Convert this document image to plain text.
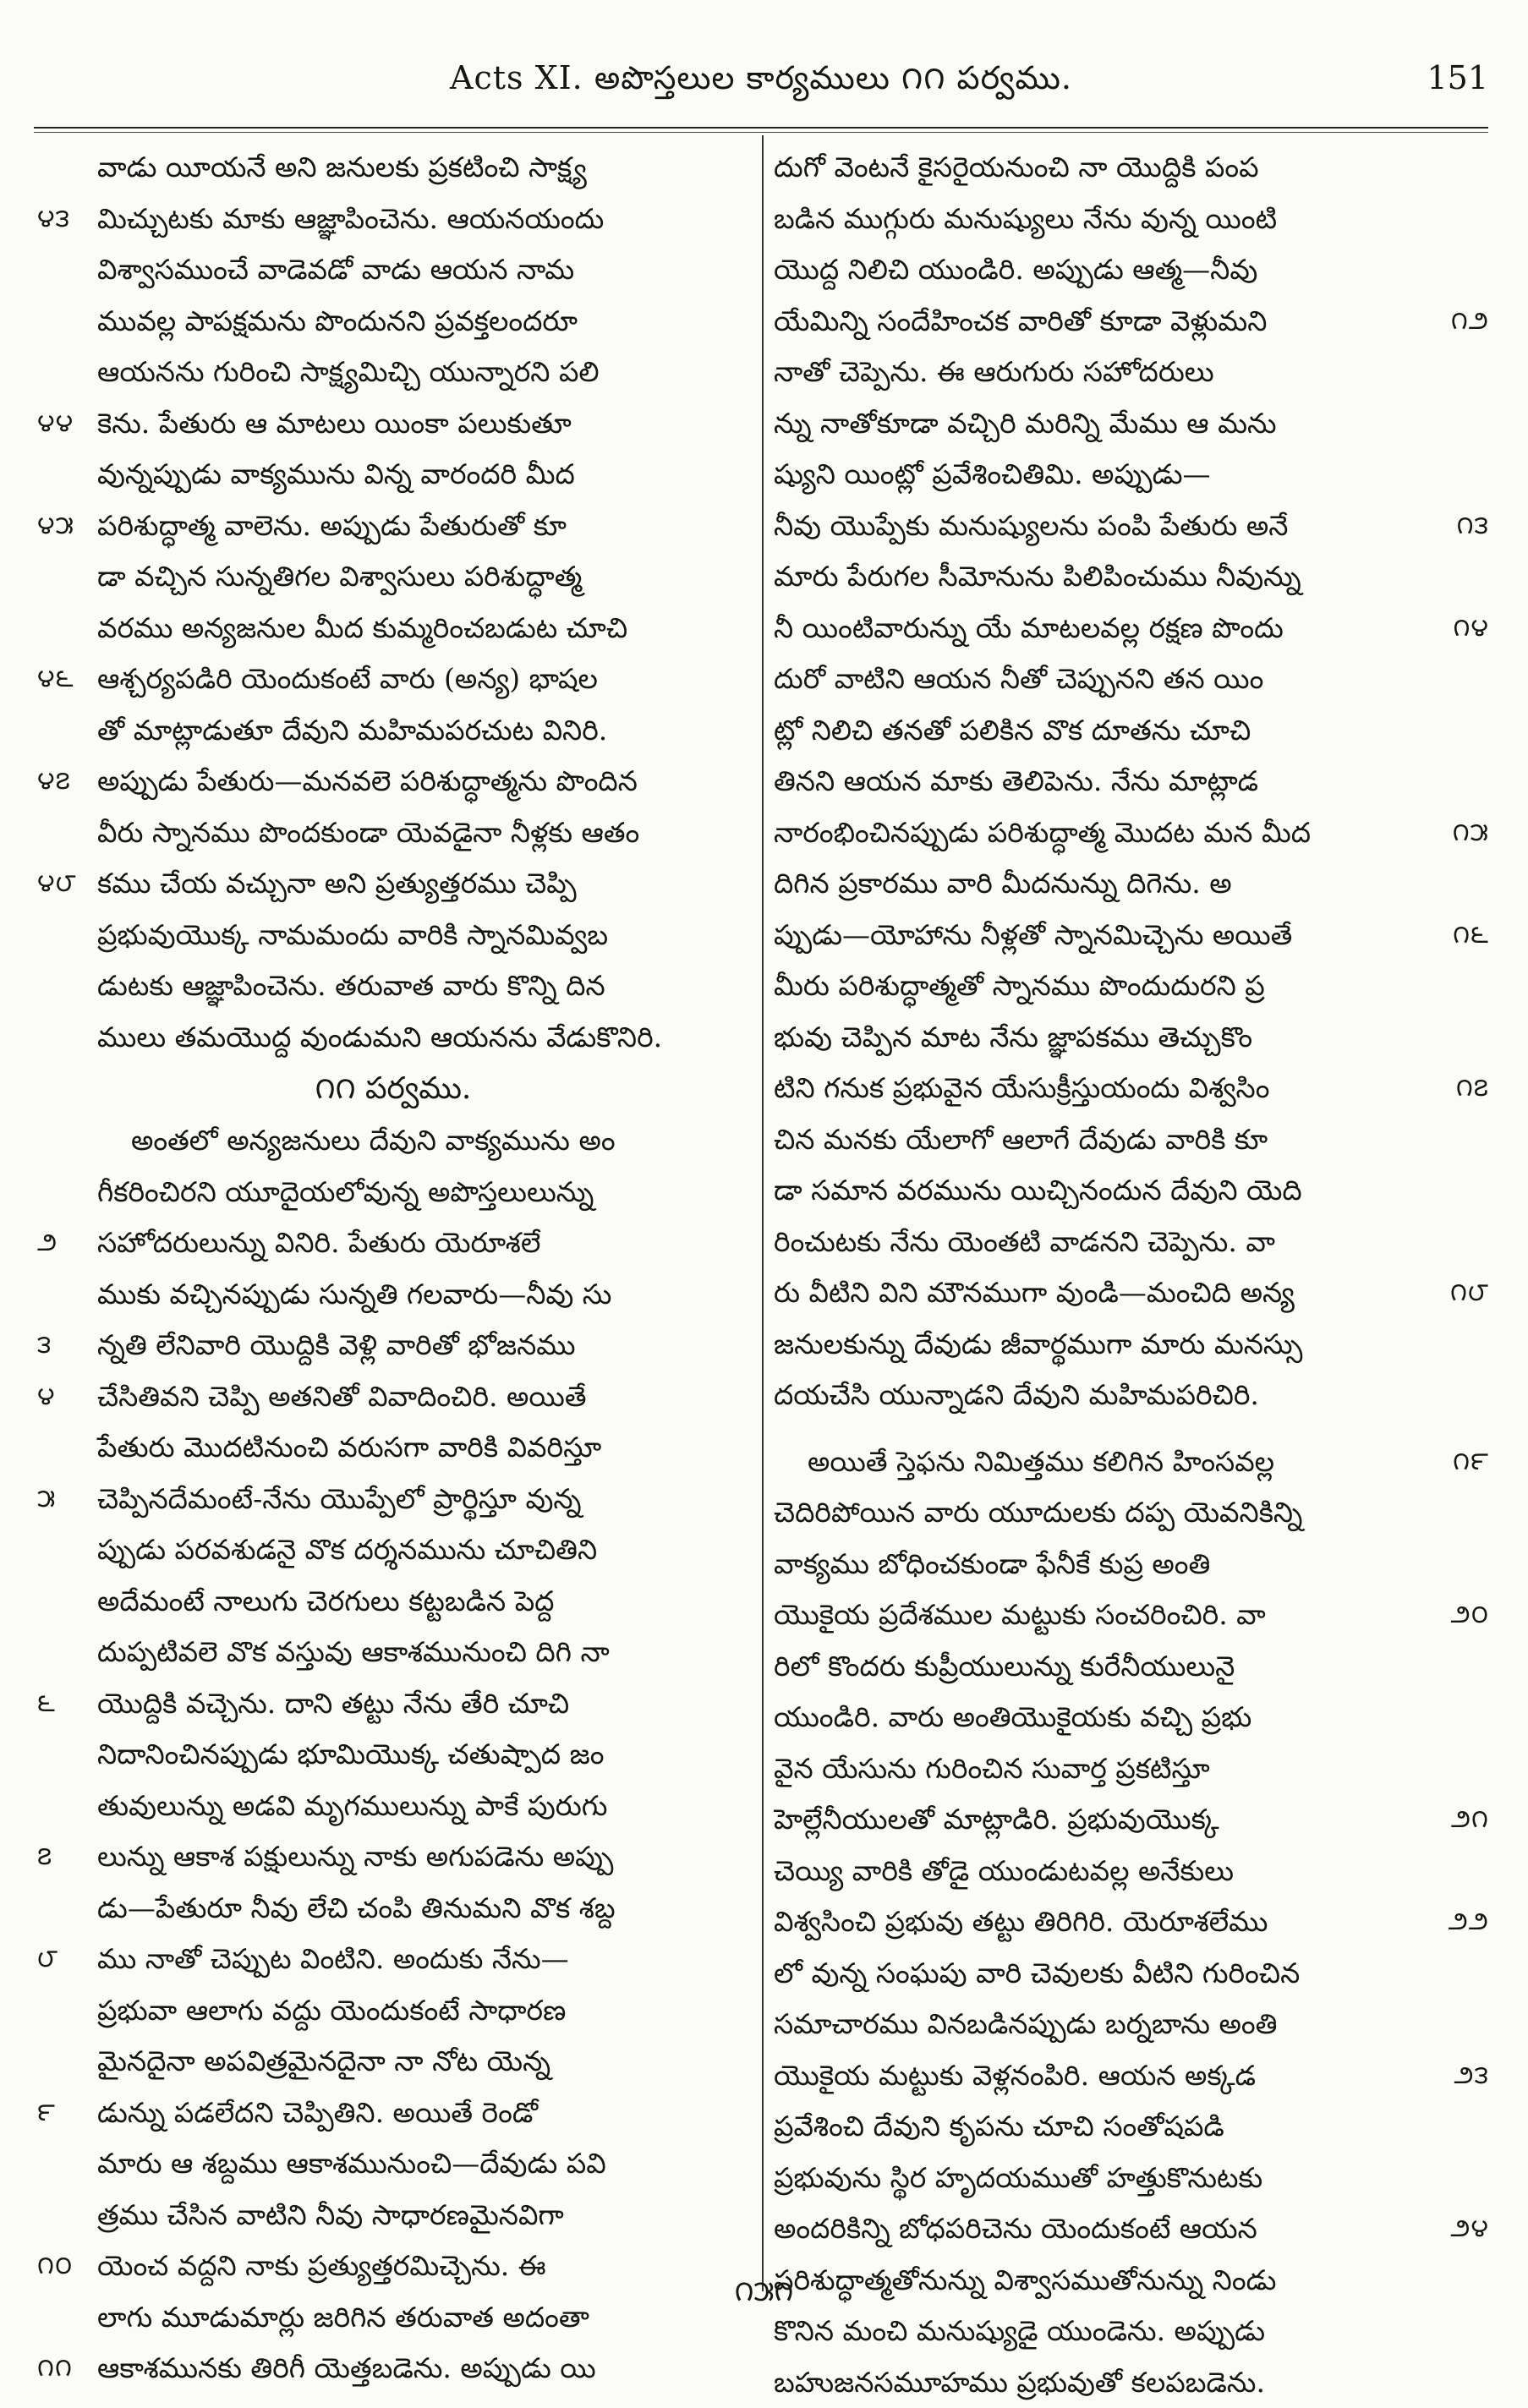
Acts XI. అపొస్తలుల కార్యములు ౧౧ పర్వము.	151
వాడు యీయనే అని జనులకు ప్రకటించి సాక్ష్య
౪౩ మిచ్చుటకు మాకు ఆజ్ఞాపించెను. ఆయనయందు
విశ్వాసముంచే వాడెవడో వాడు ఆయన నామ
మువల్ల పాపక్షమను పొందునని ప్రవక్తలందరూ
ఆయనను గురించి సాక్ష్యమిచ్చి యున్నారని పలి
౪౪ కెను. పేతురు ఆ మాటలు యింకా పలుకుతూ
వున్నప్పుడు వాక్యమును విన్న వారందరి మీద
౪౫ పరిశుద్ధాత్మ వాలెను. అప్పుడు పేతురుతో కూ
డా వచ్చిన సున్నతిగల విశ్వాసులు పరిశుద్ధాత్మ
వరము అన్యజనుల మీద కుమ్మరించబడుట చూచి
౪౬ ఆశ్చర్యపడిరి యెందుకంటే వారు (అన్య) భాషల
తో మాట్లాడుతూ దేవుని మహిమపరచుట వినిరి.
౪౭ అప్పుడు పేతురు—మనవలె పరిశుద్ధాత్మను పొందిన
వీరు స్నానము పొందకుండా యెవడైనా నీళ్లకు ఆతం
౪౮ కము చేయ వచ్చునా అని ప్రత్యుత్తరము చెప్పి
ప్రభువుయొక్క నామమందు వారికి స్నానమివ్వబ
డుటకు ఆజ్ఞాపించెను. తరువాత వారు కొన్ని దిన
ములు తమయొద్ద వుండుమని ఆయనను వేడుకొనిరి.
౧౧ పర్వము.
అంతలో అన్యజనులు దేవుని వాక్యమును అం
గీకరించిరని యూదైయలోవున్న అపొస్తలులున్ను
౨ సహోదరులున్ను వినిరి. పేతురు యెరూశలే
ముకు వచ్చినప్పుడు సున్నతి గలవారు—నీవు సు
౩ న్నతి లేనివారి యొద్దికి వెళ్లి వారితో భోజనము
౪ చేసితివని చెప్పి అతనితో వివాదించిరి. అయితే
పేతురు మొదటినుంచి వరుసగా వారికి వివరిస్తూ
౫ చెప్పినదేమంటే-నేను యొప్పేలో ప్రార్థిస్తూ వున్న
ప్పుడు పరవశుడనై వొక దర్శనమును చూచితిని
అదేమంటే నాలుగు చెరగులు కట్టబడిన పెద్ద
దుప్పటివలె వొక వస్తువు ఆకాశమునుంచి దిగి నా
౬ యొద్దికి వచ్చెను. దాని తట్టు నేను తేరి చూచి
నిదానించినప్పుడు భూమియొక్క చతుష్పాద జం
తువులున్ను అడవి మృగములున్ను పాకే పురుగు
౭ లున్ను ఆకాశ పక్షులున్ను నాకు అగుపడెను అప్పు
డు—పేతురూ నీవు లేచి చంపి తినుమని వొక శబ్ద
౮ ము నాతో చెప్పుట వింటిని. అందుకు నేను—
ప్రభువా ఆలాగు వద్దు యెందుకంటే సాధారణ
మైనదైనా అపవిత్రమైనదైనా నా నోట యెన్న
౯ డున్ను పడలేదని చెప్పితిని. అయితే రెండో
మారు ఆ శబ్దము ఆకాశమునుంచి—దేవుడు పవి
త్రము చేసిన వాటిని నీవు సాధారణమైనవిగా
౧౦ యెంచ వద్దని నాకు ప్రత్యుత్తరమిచ్చెను. ఈ
లాగు మూడుమార్లు జరిగిన తరువాత అదంతా
౧౧ ఆకాశమునకు తిరిగీ యెత్తబడెను. అప్పుడు యి
దుగో వెంటనే కైసరైయనుంచి నా యొద్దికి పంప
బడిన ముగ్గురు మనుష్యులు నేను వున్న యింటి
యొద్ద నిలిచి యుండిరి. అప్పుడు ఆత్మ—నీవు
౧౨
యేమిన్ని సందేహించక వారితో కూడా వెళ్లుమని
నాతో చెప్పెను. ఈ ఆరుగురు సహోదరులు
న్ను నాతోకూడా వచ్చిరి మరిన్ని మేము ఆ మను
ష్యుని యింట్లో ప్రవేశించితిమి. అప్పుడు—
౧౩
నీవు యొప్పేకు మనుష్యులను పంపి పేతురు అనే
మారు పేరుగల సీమోనును పిలిపించుము నీవున్ను
౧౪
నీ యింటివారున్ను యే మాటలవల్ల రక్షణ పొందు
దురో వాటిని ఆయన నీతో చెప్పునని తన యిం
ట్లో నిలిచి తనతో పలికిన వొక దూతను చూచి
తినని ఆయన మాకు తెలిపెను. నేను మాట్లాడ
౧౫
నారంభించినప్పుడు పరిశుద్ధాత్మ మొదట మన మీద
దిగిన ప్రకారము వారి మీదనున్ను దిగెను. అ
౧౬
ప్పుడు—యోహాను నీళ్లతో స్నానమిచ్చెను అయితే
మీరు పరిశుద్ధాత్మతో స్నానము పొందుదురని ప్ర
భువు చెప్పిన మాట నేను జ్ఞాపకము తెచ్చుకొం
౧౭
టిని గనుక ప్రభువైన యేసుక్రీస్తుయందు విశ్వసిం
చిన మనకు యేలాగో ఆలాగే దేవుడు వారికి కూ
డా సమాన వరమును యిచ్చినందున దేవుని యెది
రించుటకు నేను యెంతటి వాడనని చెప్పెను. వా
౧౮
రు వీటిని విని మౌనముగా వుండి—మంచిది అన్య
జనులకున్ను దేవుడు జీవార్థముగా మారు మనస్సు
దయచేసి యున్నాడని దేవుని మహిమపరిచిరి.
౧౯
అయితే స్తెఫను నిమిత్తము కలిగిన హింసవల్ల
చెదిరిపోయిన వారు యూదులకు దప్ప యెవనికిన్ని
వాక్యము బోధించకుండా ఫేనీకే కుప్ర అంతి
౨౦
యొకైయ ప్రదేశముల మట్టుకు సంచరించిరి. వా
రిలో కొందరు కుప్రీయులున్ను కురేనీయులునై
యుండిరి. వారు అంతియొకైయకు వచ్చి ప్రభు
వైన యేసును గురించిన సువార్త ప్రకటిస్తూ
౨౧
హెల్లేనీయులతో మాట్లాడిరి. ప్రభువుయొక్క
చెయ్యి వారికి తోడై యుండుటవల్ల అనేకులు
౨౨
విశ్వసించి ప్రభువు తట్టు తిరిగిరి. యెరూశలేము
లో వున్న సంఘపు వారి చెవులకు వీటిని గురించిన
సమాచారము వినబడినప్పుడు బర్నబాను అంతి
౨౩
యొకైయ మట్టుకు వెళ్లనంపిరి. ఆయన అక్కడ
ప్రవేశించి దేవుని కృపను చూచి సంతోషపడి
ప్రభువును స్థిర హృదయముతో హత్తుకొనుటకు
౨౪
అందరికిన్ని బోధపరిచెను యెందుకంటే ఆయన
పరిశుద్ధాత్మతోనున్ను విశ్వాసముతోనున్ను నిండు
కొనిన మంచి మనుష్యుడై యుండెను. అప్పుడు
బహుజనసమూహము ప్రభువుతో కలపబడెను.
౧౫౧
